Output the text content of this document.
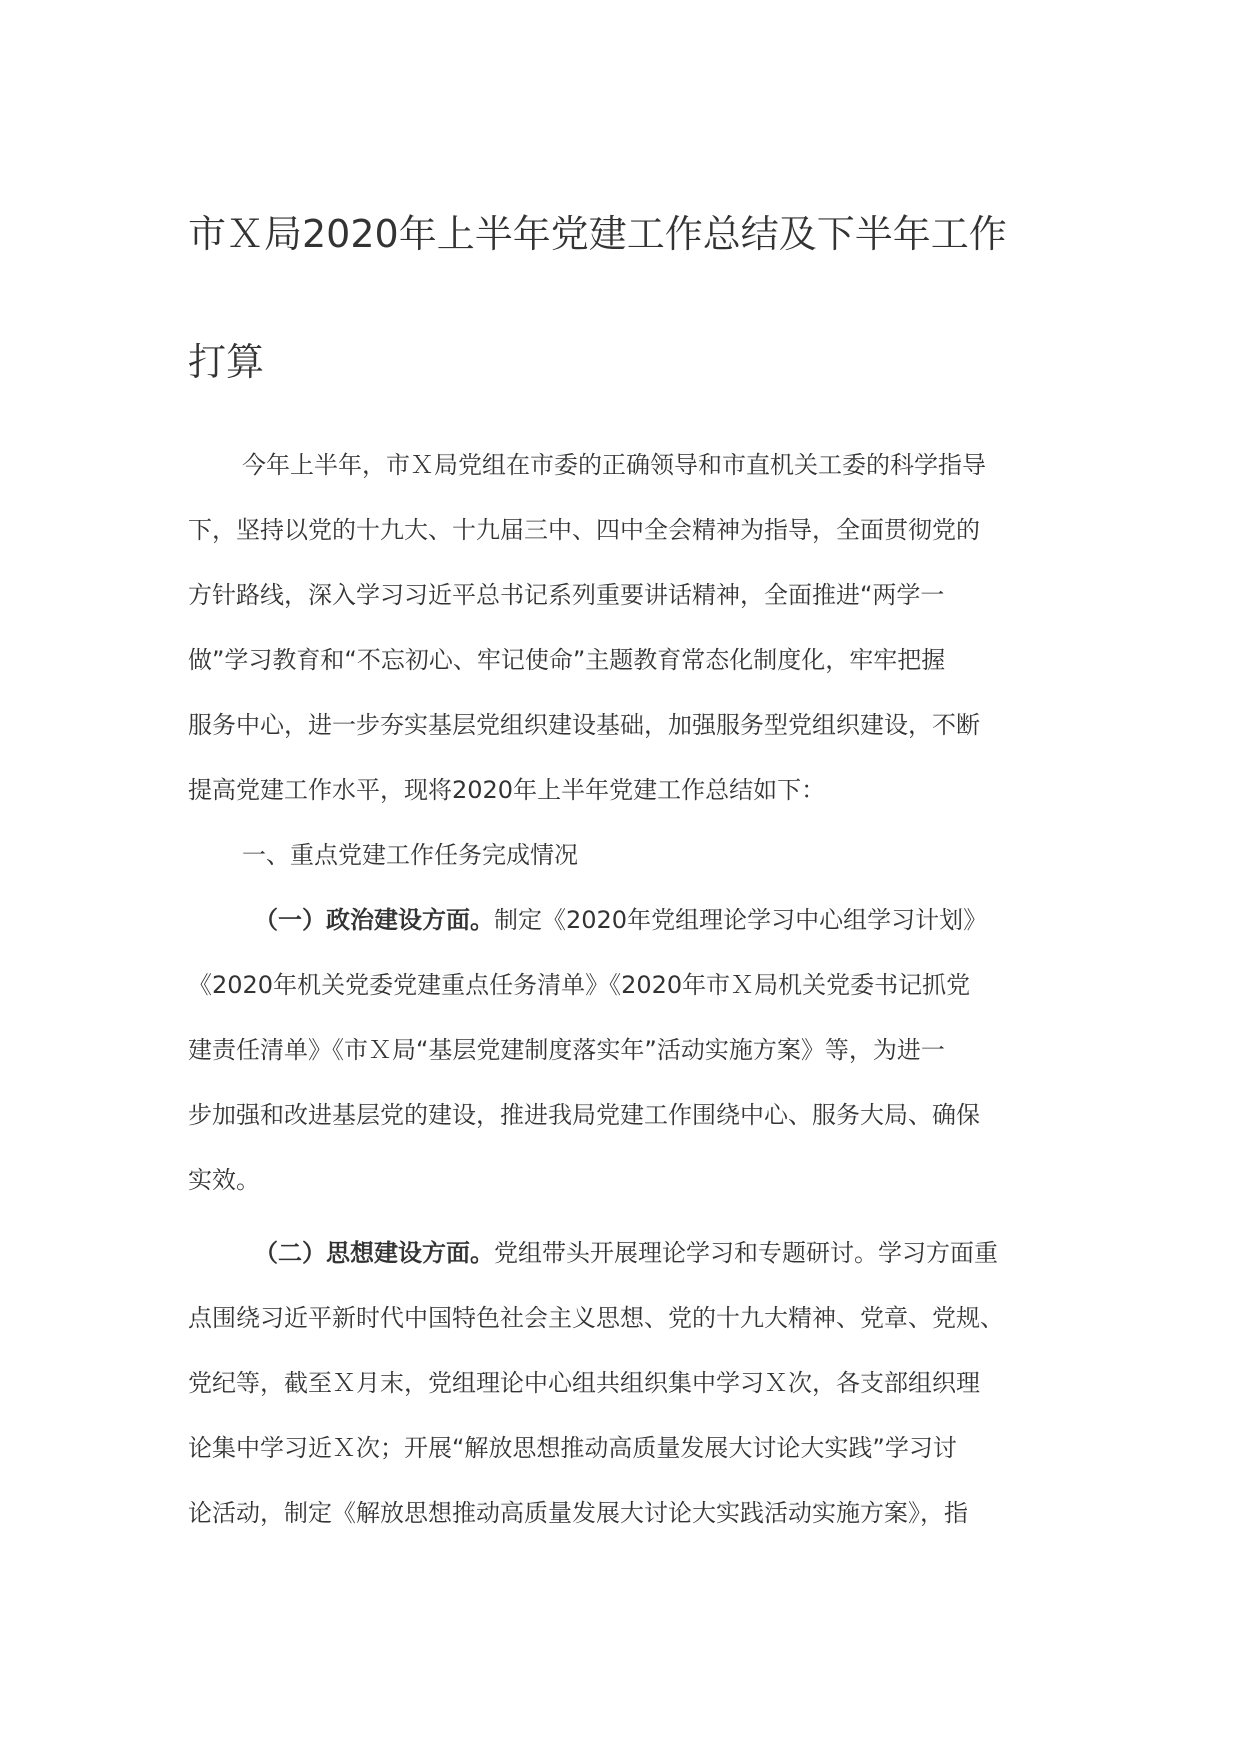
市Ｘ局2020年上半年党建工作总结及下半年工作
打算
今年上半年，市Ｘ局党组在市委的正确领导和市直机关工委的科学指导
下，坚持以党的十九大、十九届三中、四中全会精神为指导，全面贯彻党的
方针路线，深入学习习近平总书记系列重要讲话精神，全面推进“两学一
做”学习教育和“不忘初心、牢记使命”主题教育常态化制度化，牢牢把握
服务中心，进一步夯实基层党组织建设基础，加强服务型党组织建设，不断
提高党建工作水平，现将2020年上半年党建工作总结如下：
一、重点党建工作任务完成情况
（一）政治建设方面。制定《2020年党组理论学习中心组学习计划》
《2020年机关党委党建重点任务清单》《2020年市Ｘ局机关党委书记抓党
建责任清单》《市Ｘ局“基层党建制度落实年”活动实施方案》等，为进一
步加强和改进基层党的建设，推进我局党建工作围绕中心、服务大局、确保
实效。
（二）思想建设方面。党组带头开展理论学习和专题研讨。学习方面重
点围绕习近平新时代中国特色社会主义思想、党的十九大精神、党章、党规、
党纪等，截至Ｘ月末，党组理论中心组共组织集中学习Ｘ次，各支部组织理
论集中学习近Ｘ次；开展“解放思想推动高质量发展大讨论大实践”学习讨
论活动，制定《解放思想推动高质量发展大讨论大实践活动实施方案》，指
